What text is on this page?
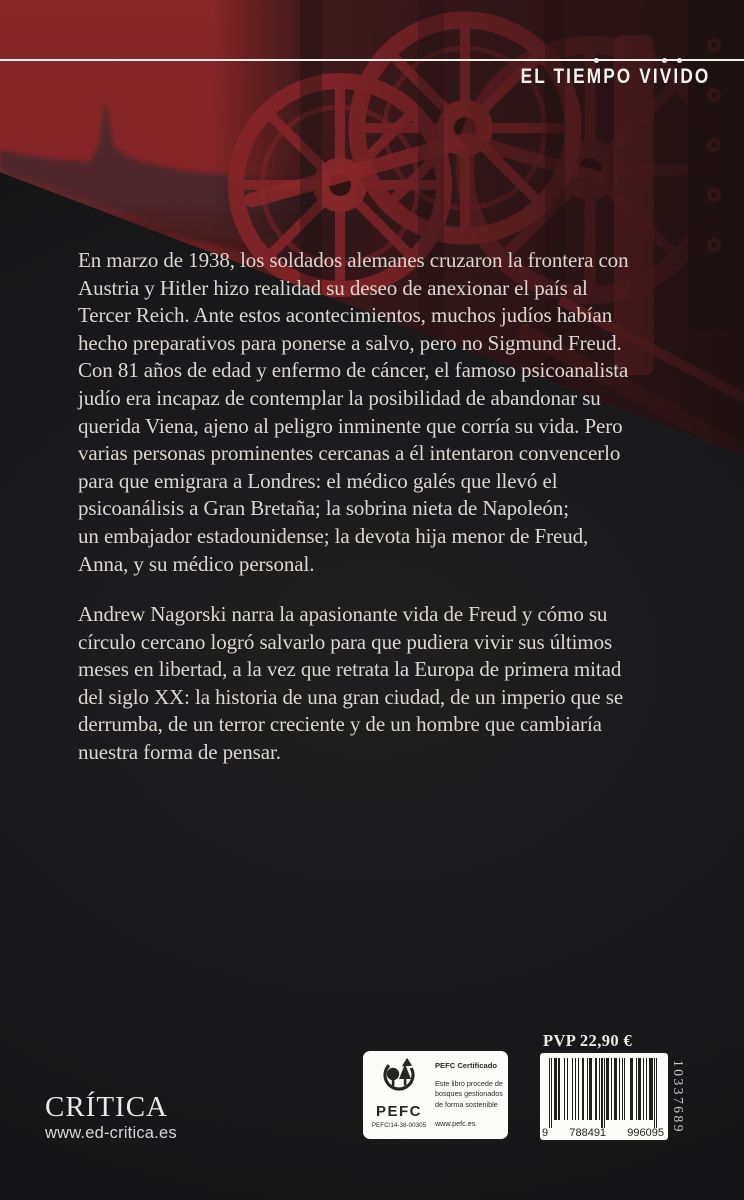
EL TIEMPO VIVIDO
En marzo de 1938, los soldados alemanes cruzaron la frontera con
Austria y Hitler hizo realidad su deseo de anexionar el país al
Tercer Reich. Ante estos acontecimientos, muchos judíos habían
hecho preparativos para ponerse a salvo, pero no Sigmund Freud.
Con 81 años de edad y enfermo de cáncer, el famoso psicoanalista
judío era incapaz de contemplar la posibilidad de abandonar su
querida Viena, ajeno al peligro inminente que corría su vida. Pero
varias personas prominentes cercanas a él intentaron convencerlo
para que emigrara a Londres: el médico galés que llevó el
psicoanálisis a Gran Bretaña; la sobrina nieta de Napoleón;
un embajador estadounidense; la devota hija menor de Freud,
Anna, y su médico personal.
Andrew Nagorski narra la apasionante vida de Freud y cómo su
círculo cercano logró salvarlo para que pudiera vivir sus últimos
meses en libertad, a la vez que retrata la Europa de primera mitad
del siglo XX: la historia de una gran ciudad, de un imperio que se
derrumba, de un terror creciente y de un hombre que cambiaría
nuestra forma de pensar.
CRÍTICA
www.ed-critica.es
PEFC
PEFC/14-38-00305
PEFC Certificado
Este libro procede de
bosques gestionados
de forma sostenible
www.pefc.es
PVP 22,90 €
9 788491 996095 10337689
